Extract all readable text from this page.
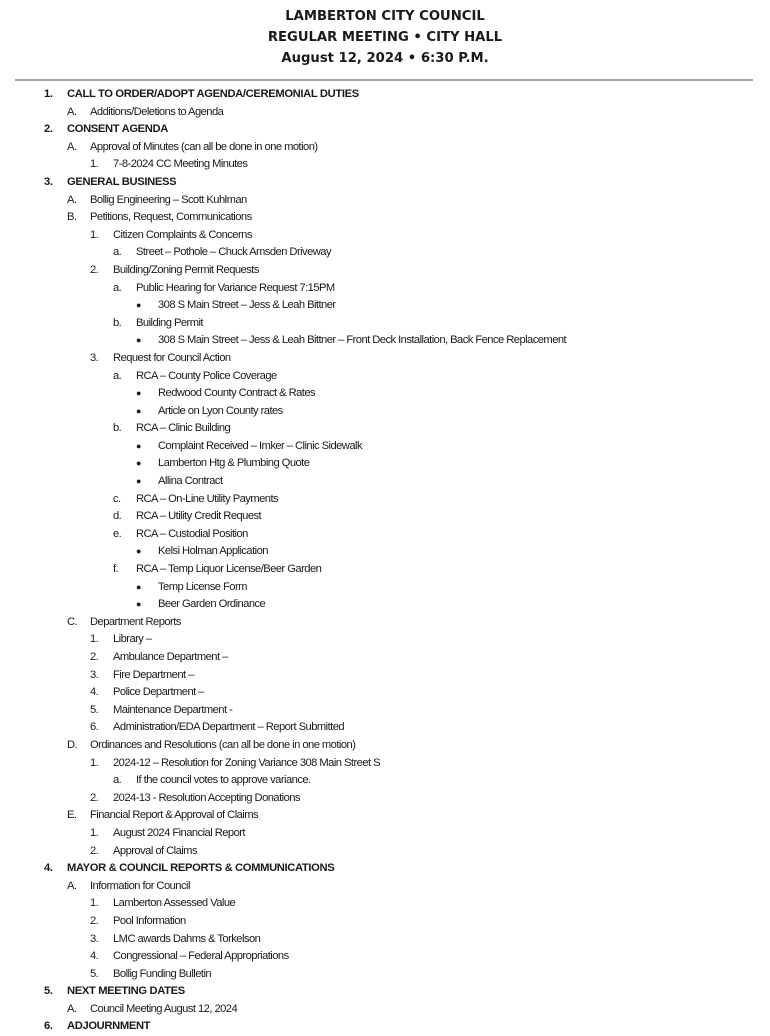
LAMBERTON CITY COUNCIL
REGULAR MEETING • CITY HALL
August 12, 2024 • 6:30 P.M.
1.	CALL TO ORDER/ADOPT AGENDA/CEREMONIAL DUTIES
A.	Additions/Deletions to Agenda
2.	CONSENT AGENDA
A.	Approval of Minutes (can all be done in one motion)
1.	7-8-2024 CC Meeting Minutes
3.	GENERAL BUSINESS
A.	Bollig Engineering – Scott Kuhlman
B.	Petitions, Request, Communications
1.	Citizen Complaints & Concerns
a.	Street – Pothole – Chuck Amsden Driveway
2.	Building/Zoning Permit Requests
a.	Public Hearing for Variance Request 7:15PM
●	308 S Main Street – Jess & Leah Bittner
b.	Building Permit
●	308 S Main Street – Jess & Leah Bittner – Front Deck Installation, Back Fence Replacement
3.	Request for Council Action
a.	RCA – County Police Coverage
●	Redwood County Contract & Rates
●	Article on Lyon County rates
b.	RCA – Clinic Building
●	Complaint Received – Imker – Clinic Sidewalk
●	Lamberton Htg & Plumbing Quote
●	Allina Contract
c.	RCA – On-Line Utility Payments
d.	RCA – Utility Credit Request
e.	RCA – Custodial Position
●	Kelsi Holman Application
f.	RCA – Temp Liquor License/Beer Garden
●	Temp License Form
●	Beer Garden Ordinance
C.	Department Reports
1.	Library –
2.	Ambulance Department –
3.	Fire Department –
4.	Police Department –
5.	Maintenance Department -
6.	Administration/EDA Department – Report Submitted
D.	Ordinances and Resolutions (can all be done in one motion)
1.	2024-12 – Resolution for Zoning Variance 308 Main Street S
a.	If the council votes to approve variance.
2.	2024-13 - Resolution Accepting Donations
E.	Financial Report & Approval of Claims
1.	August 2024 Financial Report
2.	Approval of Claims
4.	MAYOR & COUNCIL REPORTS & COMMUNICATIONS
A.	Information for Council
1.	Lamberton Assessed Value
2.	Pool Information
3.	LMC awards Dahms & Torkelson
4.	Congressional – Federal Appropriations
5.	Bollig Funding Bulletin
5.	NEXT MEETING DATES
A.	Council Meeting August 12, 2024
6.	ADJOURNMENT
